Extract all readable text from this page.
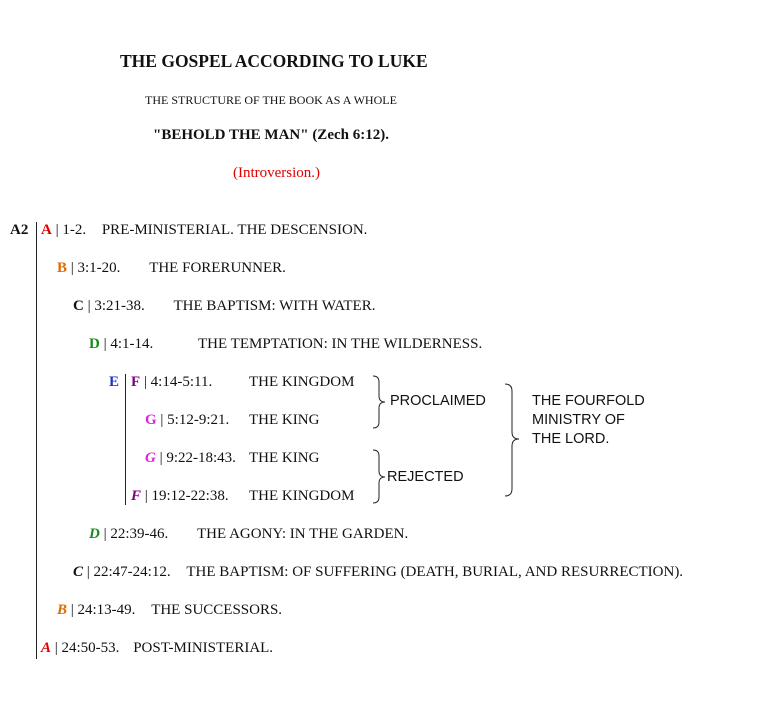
THE GOSPEL ACCORDING TO LUKE
THE STRUCTURE OF THE BOOK AS A WHOLE
"BEHOLD THE MAN" (Zech 6:12).
(Introversion.)
A2 A | 1-2. PRE-MINISTERIAL. THE DESCENSION.
B | 3:1-20. THE FORERUNNER.
C | 3:21-38. THE BAPTISM: WITH WATER.
D | 4:1-14.	THE TEMPTATION: IN THE WILDERNESS.
E F | 4:14-5:11. THE KINGDOM
G | 5:12-9:21. THE KING
G | 9:22-18:43. THE KING
F | 19:12-22:38. THE KINGDOM
PROCLAIMED
REJECTED
THE FOURFOLD
MINISTRY OF
THE LORD.
D | 22:39-46. THE AGONY: IN THE GARDEN.
C | 22:47-24:12. THE BAPTISM: OF SUFFERING (DEATH, BURIAL, AND RESURRECTION).
B | 24:13-49. THE SUCCESSORS.
A | 24:50-53. POST-MINISTERIAL.
